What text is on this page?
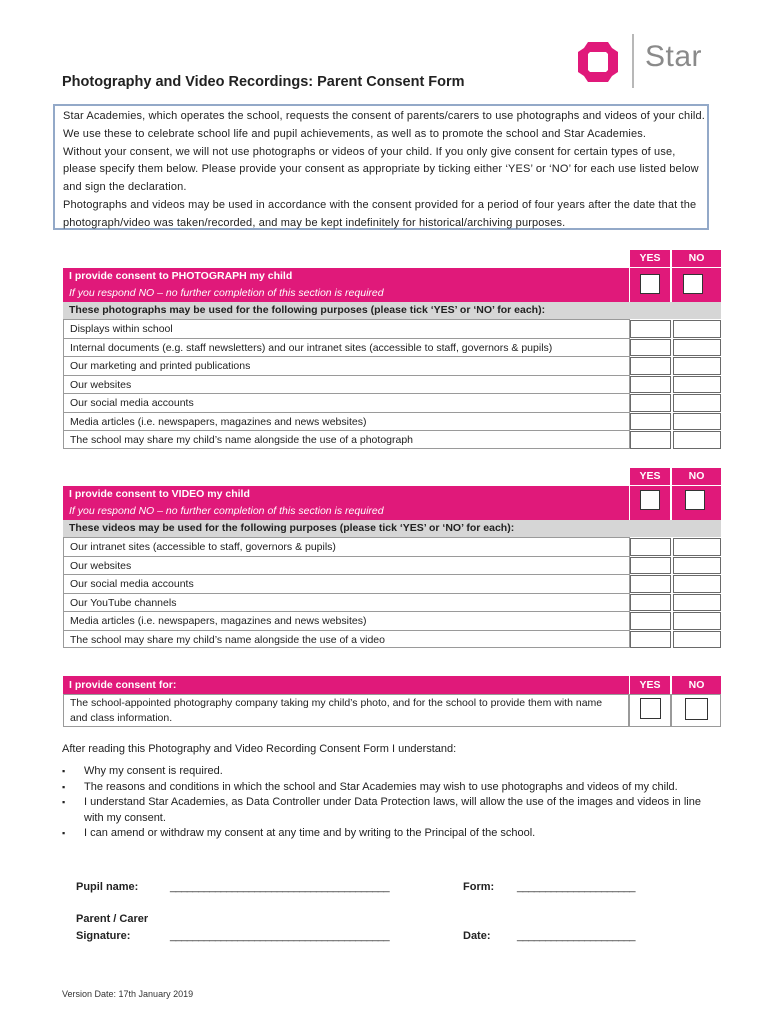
Star
Photography and Video Recordings: Parent Consent Form

Star Academies, which operates the school, requests the consent of parents/carers to use photographs and videos of your child. We use these to celebrate school life and pupil achievements, as well as to promote the school and Star Academies.

Without your consent, we will not use photographs or videos of your child. If you only give consent for certain types of use, please specify them below. Please provide your consent as appropriate by ticking either ‘YES’ or ‘NO’ for each use listed below and sign the declaration.

Photographs and videos may be used in accordance with the consent provided for a period of four years after the date that the photograph/video was taken/recorded, and may be kept indefinitely for historical/archiving purposes.

YES	NO
I provide consent to PHOTOGRAPH my child
If you respond NO – no further completion of this section is required
These photographs may be used for the following purposes (please tick ‘YES’ or ‘NO’ for each):
Displays within school
Internal documents (e.g. staff newsletters) and our intranet sites (accessible to staff, governors & pupils)
Our marketing and printed publications
Our websites
Our social media accounts
Media articles (i.e. newspapers, magazines and news websites)
The school may share my child’s name alongside the use of a photograph
YES	NO
I provide consent to VIDEO my child
If you respond NO – no further completion of this section is required
These videos may be used for the following purposes (please tick ‘YES’ or ‘NO’ for each):
Our intranet sites (accessible to staff, governors & pupils)
Our websites
Our social media accounts
Our YouTube channels
Media articles (i.e. newspapers, magazines and news websites)
The school may share my child’s name alongside the use of a video
I provide consent for:	YES	NO
The school-appointed photography company taking my child’s photo, and for the school to provide them with name and class information.
After reading this Photography and Video Recording Consent Form I understand:
▪ Why my consent is required.
▪ The reasons and conditions in which the school and Star Academies may wish to use photographs and videos of my child.
▪ I understand Star Academies, as Data Controller under Data Protection laws, will allow the use of the images and videos in line with my consent.
▪ I can amend or withdraw my consent at any time and by writing to the Principal of the school.
Pupil name:	_______________________________________	Form: _____________________
Parent / Carer
Signature:	_______________________________________	Date: _____________________
Version Date: 17th January 2019
